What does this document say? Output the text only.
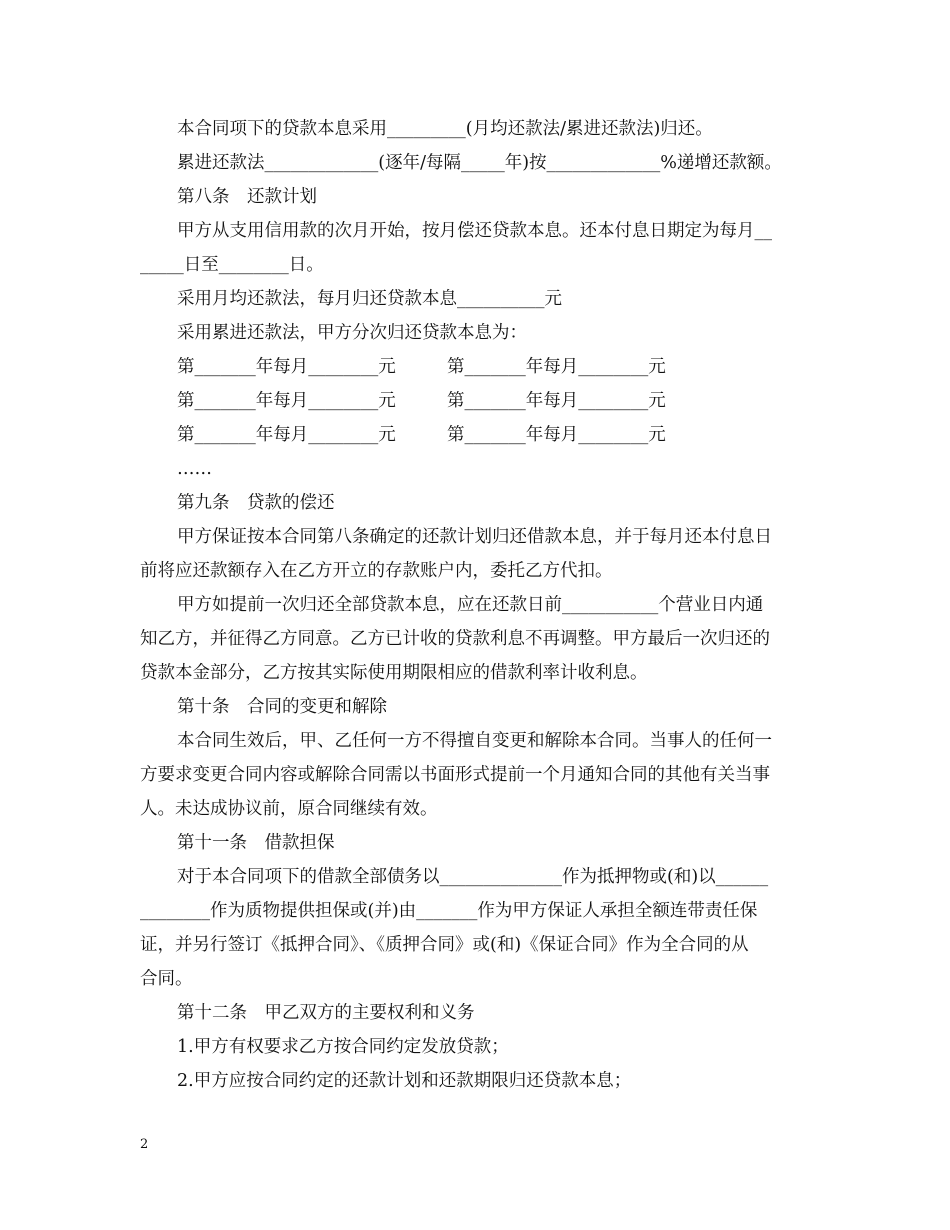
本合同项下的贷款本息采用_________(月均还款法/累进还款法)归还。
累进还款法_____________(逐年/每隔_____年)按_____________%递增还款额。
第八条　还款计划
甲方从支用信用款的次月开始，按月偿还贷款本息。还本付息日期定为每月__
_____日至________日。
采用月均还款法，每月归还贷款本息__________元
采用累进还款法，甲方分次归还贷款本息为：
第_______年每月________元	第_______年每月________元
第_______年每月________元	第_______年每月________元
第_______年每月________元	第_______年每月________元
……
第九条　贷款的偿还
甲方保证按本合同第八条确定的还款计划归还借款本息，并于每月还本付息日
前将应还款额存入在乙方开立的存款账户内，委托乙方代扣。
甲方如提前一次归还全部贷款本息，应在还款日前___________个营业日内通
知乙方，并征得乙方同意。乙方已计收的贷款利息不再调整。甲方最后一次归还的
贷款本金部分，乙方按其实际使用期限相应的借款利率计收利息。
第十条　合同的变更和解除
本合同生效后，甲、乙任何一方不得擅自变更和解除本合同。当事人的任何一
方要求变更合同内容或解除合同需以书面形式提前一个月通知合同的其他有关当事
人。未达成协议前，原合同继续有效。
第十一条　借款担保
对于本合同项下的借款全部债务以______________作为抵押物或(和)以______
________作为质物提供担保或(并)由_______作为甲方保证人承担全额连带责任保
证，并另行签订《抵押合同》、《质押合同》或(和)《保证合同》作为全合同的从
合同。
第十二条　甲乙双方的主要权利和义务
1.甲方有权要求乙方按合同约定发放贷款；
2.甲方应按合同约定的还款计划和还款期限归还贷款本息；
2
